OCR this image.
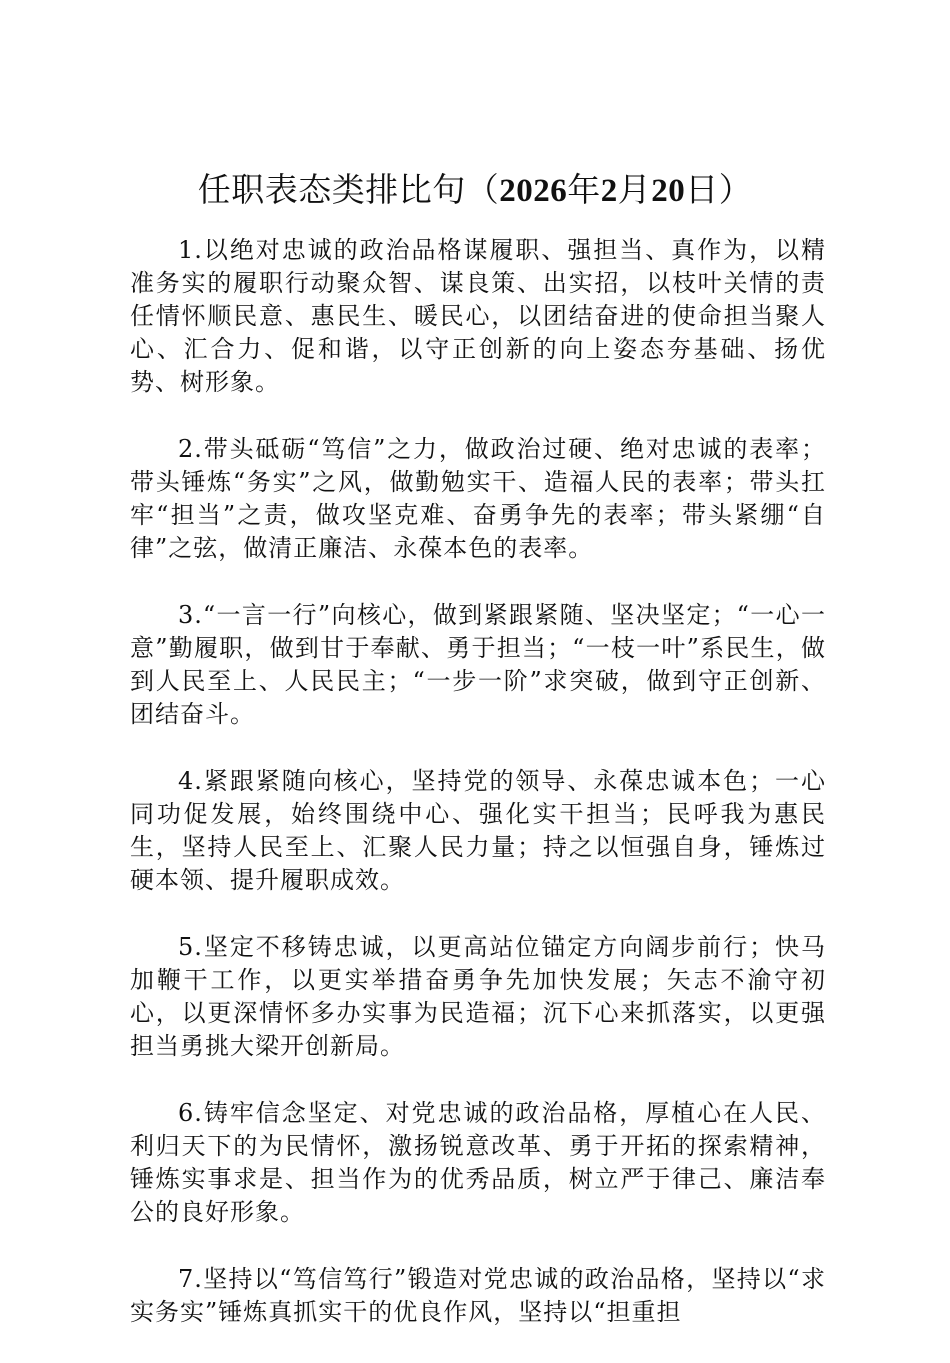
任职表态类排比句（2026年2月20日）

1.以绝对忠诚的政治品格谋履职、强担当、真作为，以精准务实的履职行动聚众智、谋良策、出实招，以枝叶关情的责任情怀顺民意、惠民生、暖民心，以团结奋进的使命担当聚人心、汇合力、促和谐，以守正创新的向上姿态夯基础、扬优势、树形象。

2.带头砥砺“笃信”之力，做政治过硬、绝对忠诚的表率；带头锤炼“务实”之风，做勤勉实干、造福人民的表率；带头扛牢“担当”之责，做攻坚克难、奋勇争先的表率；带头紧绷“自律”之弦，做清正廉洁、永葆本色的表率。

3.“一言一行”向核心，做到紧跟紧随、坚决坚定；“一心一意”勤履职，做到甘于奉献、勇于担当；“一枝一叶”系民生，做到人民至上、人民民主；“一步一阶”求突破，做到守正创新、团结奋斗。

4.紧跟紧随向核心，坚持党的领导、永葆忠诚本色；一心同功促发展，始终围绕中心、强化实干担当；民呼我为惠民生，坚持人民至上、汇聚人民力量；持之以恒强自身，锤炼过硬本领、提升履职成效。

5.坚定不移铸忠诚，以更高站位锚定方向阔步前行；快马加鞭干工作，以更实举措奋勇争先加快发展；矢志不渝守初心，以更深情怀多办实事为民造福；沉下心来抓落实，以更强担当勇挑大梁开创新局。

6.铸牢信念坚定、对党忠诚的政治品格，厚植心在人民、利归天下的为民情怀，激扬锐意改革、勇于开拓的探索精神，锤炼实事求是、担当作为的优秀品质，树立严于律己、廉洁奉公的良好形象。

7.坚持以“笃信笃行”锻造对党忠诚的政治品格，坚持以“求实务实”锤炼真抓实干的优良作风，坚持以“担重担
